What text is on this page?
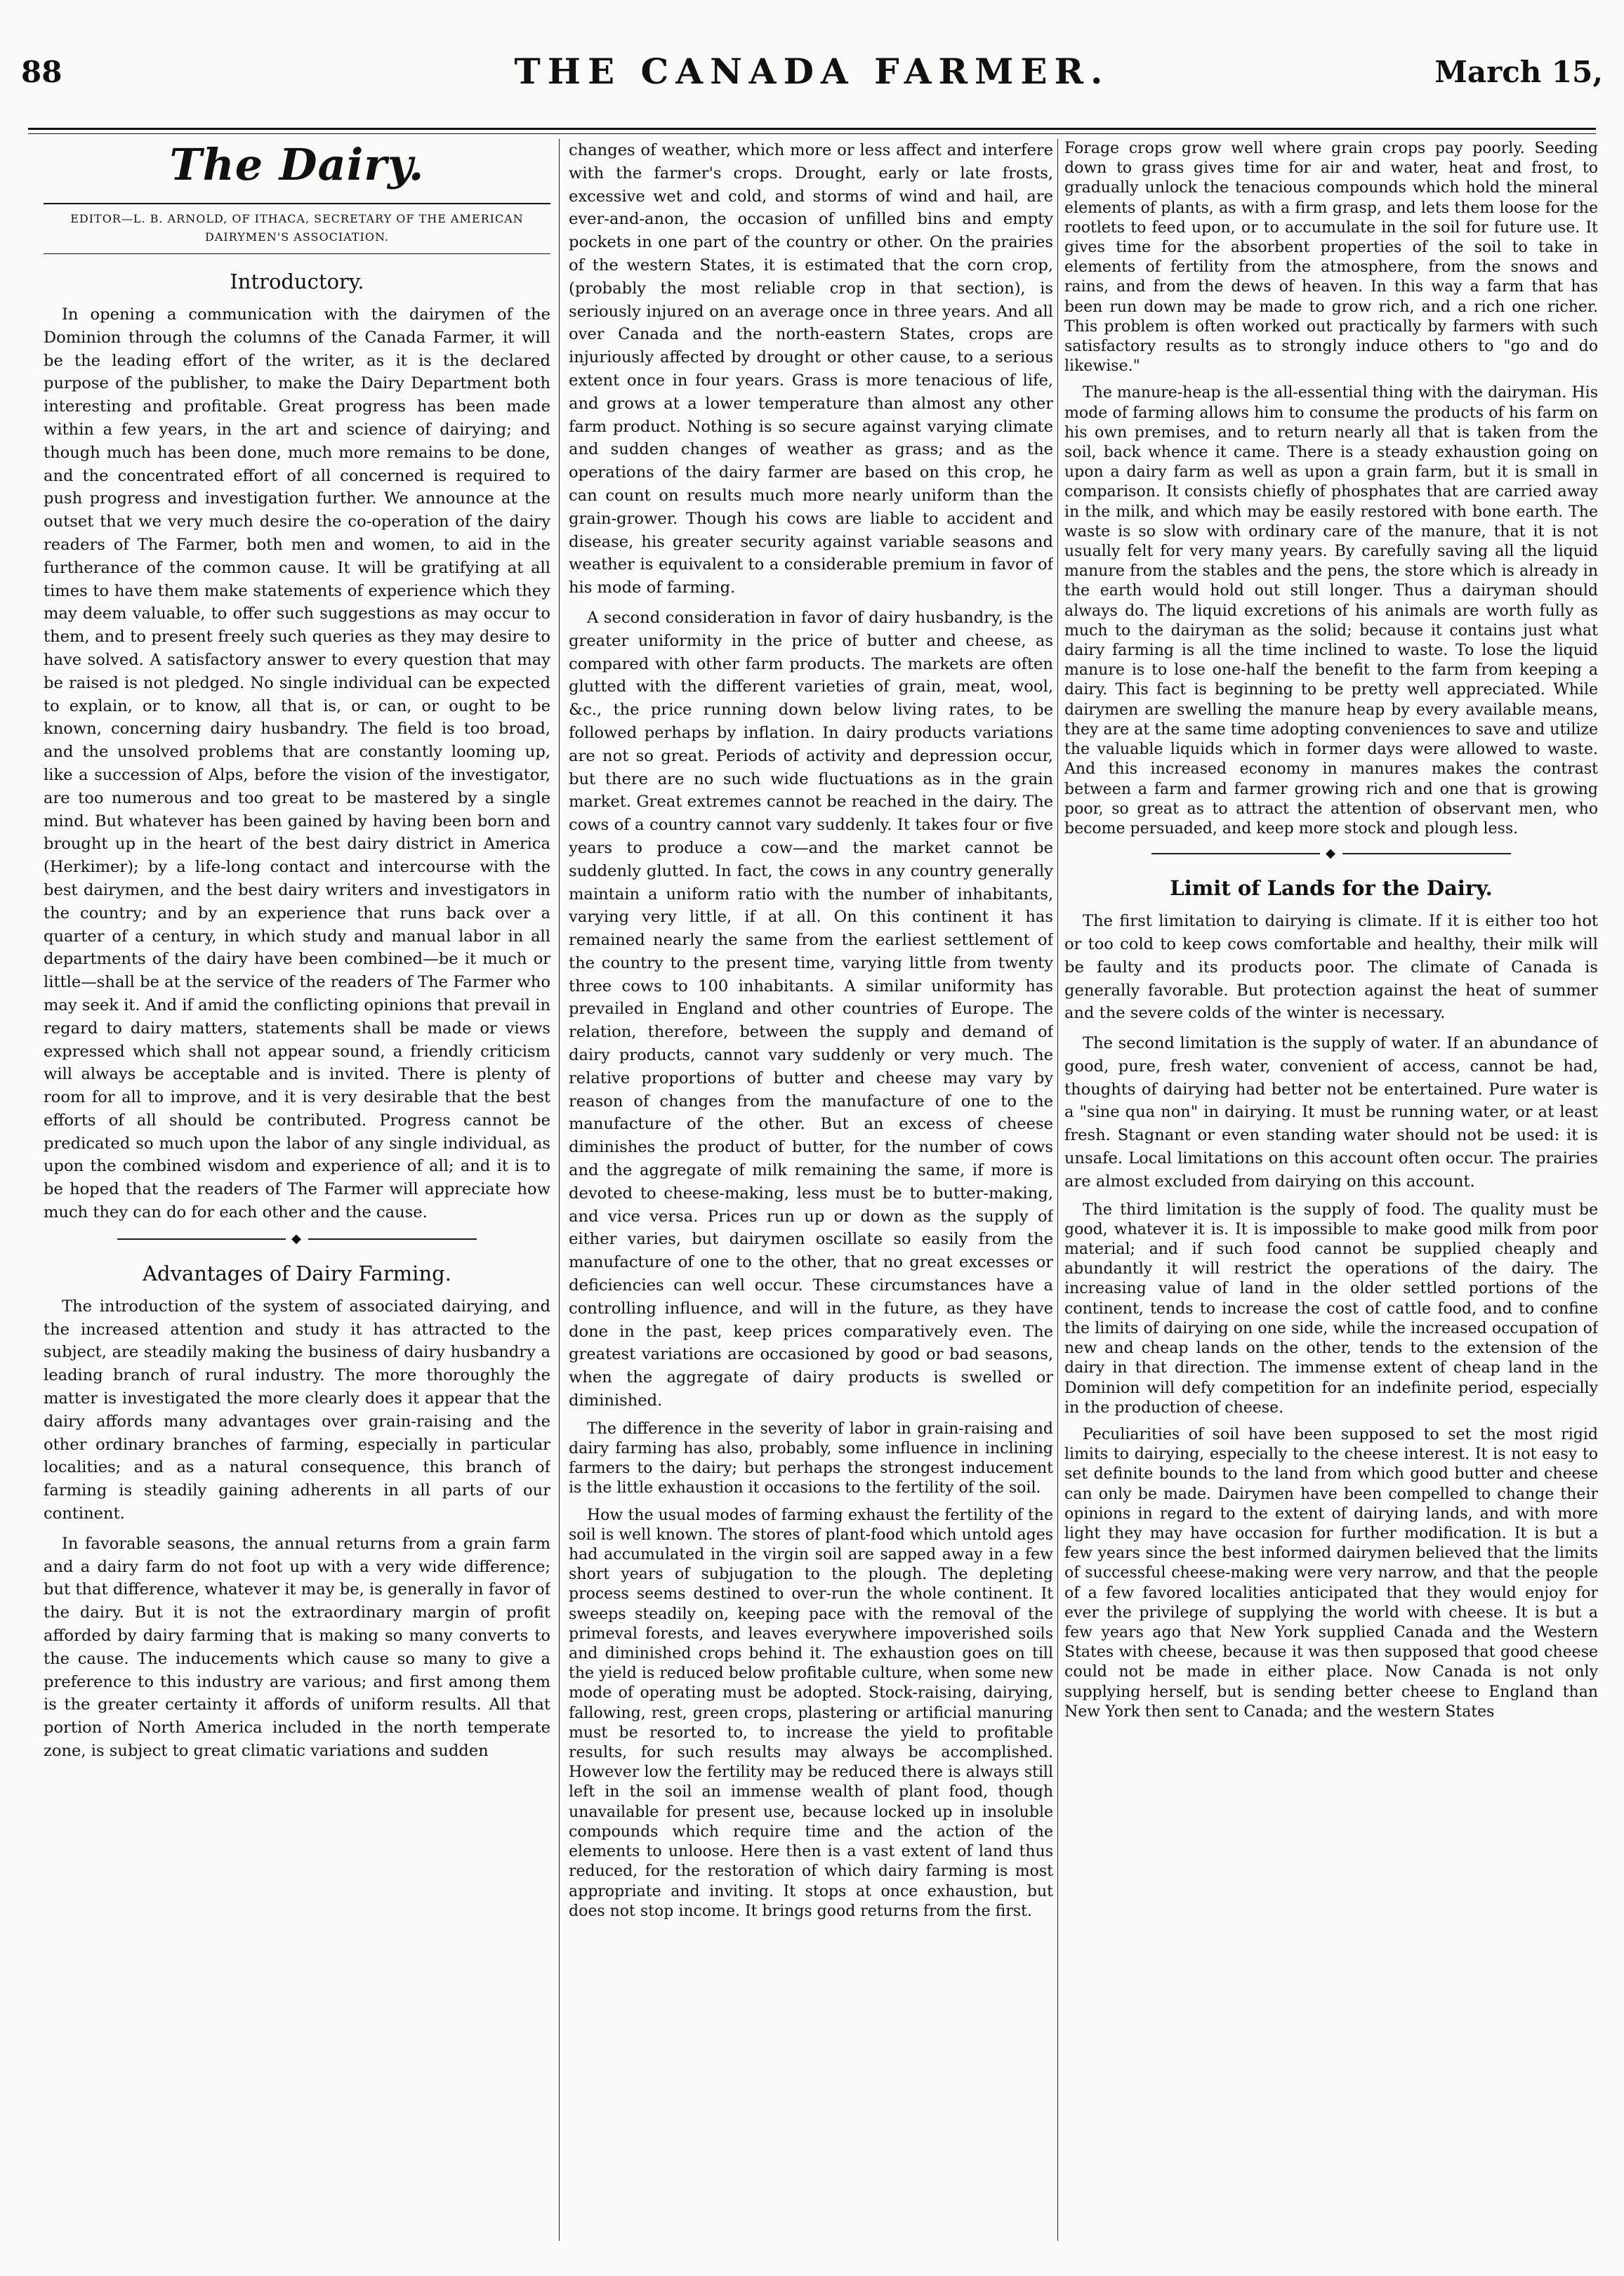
88	THE CANADA FARMER.	March 15,
The Dairy.
EDITOR—L. B. ARNOLD, OF ITHACA, SECRETARY OF THE AMERICAN DAIRYMEN'S ASSOCIATION.
Introductory.

In opening a communication with the dairymen of the Dominion through the columns of the Canada Farmer, it will be the leading effort of the writer, as it is the declared purpose of the publisher, to make the Dairy Department both interesting and profitable. Great progress has been made within a few years, in the art and science of dairying; and though much has been done, much more remains to be done, and the concentrated effort of all concerned is required to push progress and investigation further. We announce at the outset that we very much desire the co-operation of the dairy readers of The Farmer, both men and women, to aid in the furtherance of the common cause. It will be gratifying at all times to have them make statements of experience which they may deem valuable, to offer such suggestions as may occur to them, and to present freely such queries as they may desire to have solved. A satisfactory answer to every question that may be raised is not pledged. No single individual can be expected to explain, or to know, all that is, or can, or ought to be known, concerning dairy husbandry. The field is too broad, and the unsolved problems that are constantly looming up, like a succession of Alps, before the vision of the investigator, are too numerous and too great to be mastered by a single mind. But whatever has been gained by having been born and brought up in the heart of the best dairy district in America (Herkimer); by a life-long contact and intercourse with the best dairymen, and the best dairy writers and investigators in the country; and by an experience that runs back over a quarter of a century, in which study and manual labor in all departments of the dairy have been combined—be it much or little—shall be at the service of the readers of The Farmer who may seek it. And if amid the conflicting opinions that prevail in regard to dairy matters, statements shall be made or views expressed which shall not appear sound, a friendly criticism will always be acceptable and is invited. There is plenty of room for all to improve, and it is very desirable that the best efforts of all should be contributed. Progress cannot be predicated so much upon the labor of any single individual, as upon the combined wisdom and experience of all; and it is to be hoped that the readers of The Farmer will appreciate how much they can do for each other and the cause.

◆
Advantages of Dairy Farming.

The introduction of the system of associated dairying, and the increased attention and study it has attracted to the subject, are steadily making the business of dairy husbandry a leading branch of rural industry. The more thoroughly the matter is investigated the more clearly does it appear that the dairy affords many advantages over grain-raising and the other ordinary branches of farming, especially in particular localities; and as a natural consequence, this branch of farming is steadily gaining adherents in all parts of our continent.

In favorable seasons, the annual returns from a grain farm and a dairy farm do not foot up with a very wide difference; but that difference, whatever it may be, is generally in favor of the dairy. But it is not the extraordinary margin of profit afforded by dairy farming that is making so many converts to the cause. The inducements which cause so many to give a preference to this industry are various; and first among them is the greater certainty it affords of uniform results. All that portion of North America included in the north temperate zone, is subject to great climatic variations and sudden

changes of weather, which more or less affect and interfere with the farmer's crops. Drought, early or late frosts, excessive wet and cold, and storms of wind and hail, are ever-and-anon, the occasion of unfilled bins and empty pockets in one part of the country or other. On the prairies of the western States, it is estimated that the corn crop, (probably the most reliable crop in that section), is seriously injured on an average once in three years. And all over Canada and the north-eastern States, crops are injuriously affected by drought or other cause, to a serious extent once in four years. Grass is more tenacious of life, and grows at a lower temperature than almost any other farm product. Nothing is so secure against varying climate and sudden changes of weather as grass; and as the operations of the dairy farmer are based on this crop, he can count on results much more nearly uniform than the grain-grower. Though his cows are liable to accident and disease, his greater security against variable seasons and weather is equivalent to a considerable premium in favor of his mode of farming.

A second consideration in favor of dairy husbandry, is the greater uniformity in the price of butter and cheese, as compared with other farm products. The markets are often glutted with the different varieties of grain, meat, wool, &c., the price running down below living rates, to be followed perhaps by inflation. In dairy products variations are not so great. Periods of activity and depression occur, but there are no such wide fluctuations as in the grain market. Great extremes cannot be reached in the dairy. The cows of a country cannot vary suddenly. It takes four or five years to produce a cow—and the market cannot be suddenly glutted. In fact, the cows in any country generally maintain a uniform ratio with the number of inhabitants, varying very little, if at all. On this continent it has remained nearly the same from the earliest settlement of the country to the present time, varying little from twenty three cows to 100 inhabitants. A similar uniformity has prevailed in England and other countries of Europe. The relation, therefore, between the supply and demand of dairy products, cannot vary suddenly or very much. The relative proportions of butter and cheese may vary by reason of changes from the manufacture of one to the manufacture of the other. But an excess of cheese diminishes the product of butter, for the number of cows and the aggregate of milk remaining the same, if more is devoted to cheese-making, less must be to butter-making, and vice versa. Prices run up or down as the supply of either varies, but dairymen oscillate so easily from the manufacture of one to the other, that no great excesses or deficiencies can well occur. These circumstances have a controlling influence, and will in the future, as they have done in the past, keep prices comparatively even. The greatest variations are occasioned by good or bad seasons, when the aggregate of dairy products is swelled or diminished.

The difference in the severity of labor in grain-raising and dairy farming has also, probably, some influence in inclining farmers to the dairy; but perhaps the strongest inducement is the little exhaustion it occasions to the fertility of the soil.

How the usual modes of farming exhaust the fertility of the soil is well known. The stores of plant-food which untold ages had accumulated in the virgin soil are sapped away in a few short years of subjugation to the plough. The depleting process seems destined to over-run the whole continent. It sweeps steadily on, keeping pace with the removal of the primeval forests, and leaves everywhere impoverished soils and diminished crops behind it. The exhaustion goes on till the yield is reduced below profitable culture, when some new mode of operating must be adopted. Stock-raising, dairying, fallowing, rest, green crops, plastering or artificial manuring must be resorted to, to increase the yield to profitable results, for such results may always be accomplished. However low the fertility may be reduced there is always still left in the soil an immense wealth of plant food, though unavailable for present use, because locked up in insoluble compounds which require time and the action of the elements to unloose. Here then is a vast extent of land thus reduced, for the restoration of which dairy farming is most appropriate and inviting. It stops at once exhaustion, but does not stop income. It brings good returns from the first.

Forage crops grow well where grain crops pay poorly. Seeding down to grass gives time for air and water, heat and frost, to gradually unlock the tenacious compounds which hold the mineral elements of plants, as with a firm grasp, and lets them loose for the rootlets to feed upon, or to accumulate in the soil for future use. It gives time for the absorbent properties of the soil to take in elements of fertility from the atmosphere, from the snows and rains, and from the dews of heaven. In this way a farm that has been run down may be made to grow rich, and a rich one richer. This problem is often worked out practically by farmers with such satisfactory results as to strongly induce others to "go and do likewise."

The manure-heap is the all-essential thing with the dairyman. His mode of farming allows him to consume the products of his farm on his own premises, and to return nearly all that is taken from the soil, back whence it came. There is a steady exhaustion going on upon a dairy farm as well as upon a grain farm, but it is small in comparison. It consists chiefly of phosphates that are carried away in the milk, and which may be easily restored with bone earth. The waste is so slow with ordinary care of the manure, that it is not usually felt for very many years. By carefully saving all the liquid manure from the stables and the pens, the store which is already in the earth would hold out still longer. Thus a dairyman should always do. The liquid excretions of his animals are worth fully as much to the dairyman as the solid; because it contains just what dairy farming is all the time inclined to waste. To lose the liquid manure is to lose one-half the benefit to the farm from keeping a dairy. This fact is beginning to be pretty well appreciated. While dairymen are swelling the manure heap by every available means, they are at the same time adopting conveniences to save and utilize the valuable liquids which in former days were allowed to waste. And this increased economy in manures makes the contrast between a farm and farmer growing rich and one that is growing poor, so great as to attract the attention of observant men, who become persuaded, and keep more stock and plough less.

◆
Limit of Lands for the Dairy.

The first limitation to dairying is climate. If it is either too hot or too cold to keep cows comfortable and healthy, their milk will be faulty and its products poor. The climate of Canada is generally favorable. But protection against the heat of summer and the severe colds of the winter is necessary.

The second limitation is the supply of water. If an abundance of good, pure, fresh water, convenient of access, cannot be had, thoughts of dairying had better not be entertained. Pure water is a "sine qua non" in dairying. It must be running water, or at least fresh. Stagnant or even standing water should not be used: it is unsafe. Local limitations on this account often occur. The prairies are almost excluded from dairying on this account.

The third limitation is the supply of food. The quality must be good, whatever it is. It is impossible to make good milk from poor material; and if such food cannot be supplied cheaply and abundantly it will restrict the operations of the dairy. The increasing value of land in the older settled portions of the continent, tends to increase the cost of cattle food, and to confine the limits of dairying on one side, while the increased occupation of new and cheap lands on the other, tends to the extension of the dairy in that direction. The immense extent of cheap land in the Dominion will defy competition for an indefinite period, especially in the production of cheese.

Peculiarities of soil have been supposed to set the most rigid limits to dairying, especially to the cheese interest. It is not easy to set definite bounds to the land from which good butter and cheese can only be made. Dairymen have been compelled to change their opinions in regard to the extent of dairying lands, and with more light they may have occasion for further modification. It is but a few years since the best informed dairymen believed that the limits of successful cheese-making were very narrow, and that the people of a few favored localities anticipated that they would enjoy for ever the privilege of supplying the world with cheese. It is but a few years ago that New York supplied Canada and the Western States with cheese, because it was then supposed that good cheese could not be made in either place. Now Canada is not only supplying herself, but is sending better cheese to England than New York then sent to Canada; and the western States
